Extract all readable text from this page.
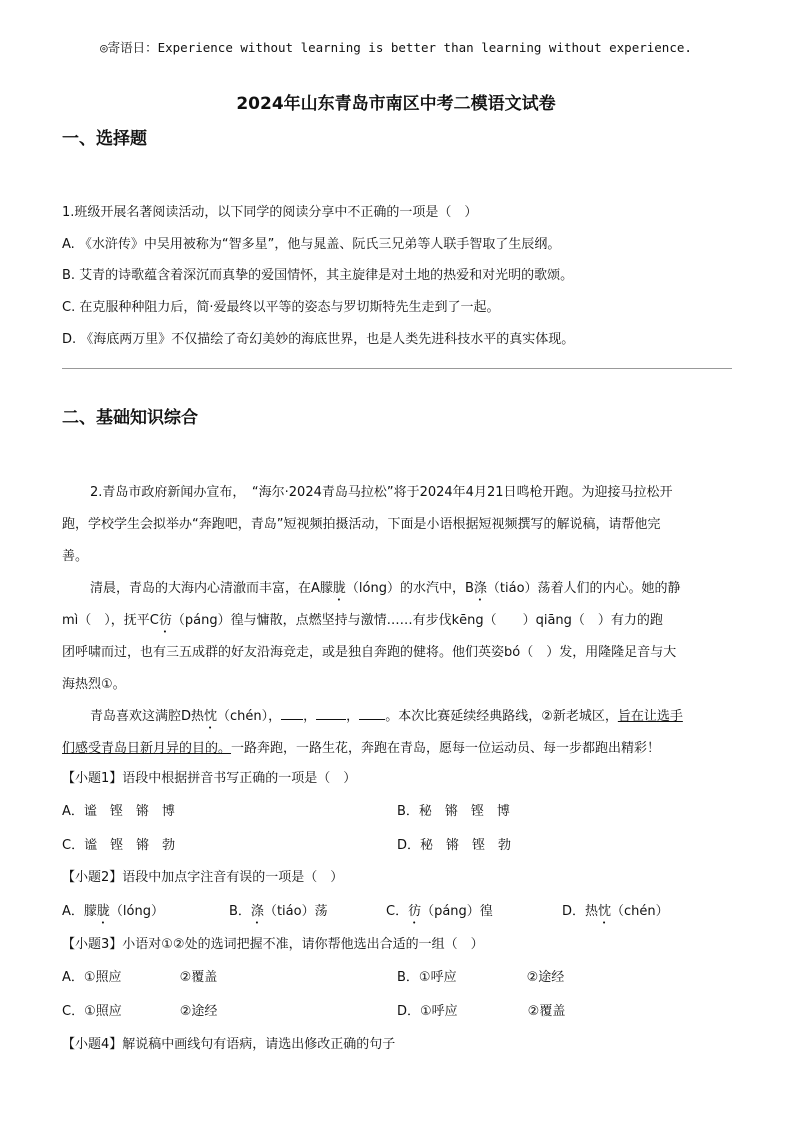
◎寄语日：Experience without learning is better than learning without experience.
2024年山东青岛市南区中考二模语文试卷
一、选择题
1.班级开展名著阅读活动，以下同学的阅读分享中不正确的一项是（　）
A. 《水浒传》中吴用被称为“智多星”，他与晁盖、阮氏三兄弟等人联手智取了生辰纲。
B. 艾青的诗歌蕴含着深沉而真挚的爱国情怀，其主旋律是对土地的热爱和对光明的歌颂。
C. 在克服种种阻力后，简·爱最终以平等的姿态与罗切斯特先生走到了一起。
D. 《海底两万里》不仅描绘了奇幻美妙的海底世界，也是人类先进科技水平的真实体现。
二、基础知识综合
2.青岛市政府新闻办宣布，　“海尔·2024青岛马拉松”将于2024年4月21日鸣枪开跑。为迎接马拉松开
跑，学校学生会拟举办“奔跑吧，青岛”短视频拍摄活动，下面是小语根据短视频撰写的解说稿，请帮他完
善。
清晨，青岛的大海内心清澈而丰富，在A朦胧（lóng）的水汽中，B涤（tiáo）荡着人们的内心。她的静
mì（　），抚平C彷（páng）徨与慵散，点燃坚持与激情……有步伐kēng（　　）qiāng（　）有力的跑
团呼啸而过，也有三五成群的好友沿海竞走，或是独自奔跑的健将。他们英姿bó（　）发，用隆隆足音与大
海热烈①。
青岛喜欢这满腔D热忱（chén）， ， ， 。本次比赛延续经典路线，②新老城区，旨在让选手
们感受青岛日新月异的目的。一路奔跑，一路生花，奔跑在青岛，愿每一位运动员、每一步都跑出精彩！
【小题1】语段中根据拼音书写正确的一项是（　）
A．谧　铿　锵　博	B．秘　锵　铿　博
C．谧　铿　锵　勃	D．秘　锵　铿　勃
【小题2】语段中加点字注音有误的一项是（　）
A．朦胧（lóng）	B．涤（tiáo）荡	C．彷（páng）徨	D．热忱（chén）
【小题3】小语对①②处的选词把握不准，请你帮他选出合适的一组（　）
A．①照应	②覆盖	B．①呼应	②途经
C．①照应	②途经	D．①呼应	②覆盖
【小题4】解说稿中画线句有语病，请选出修改正确的句子
